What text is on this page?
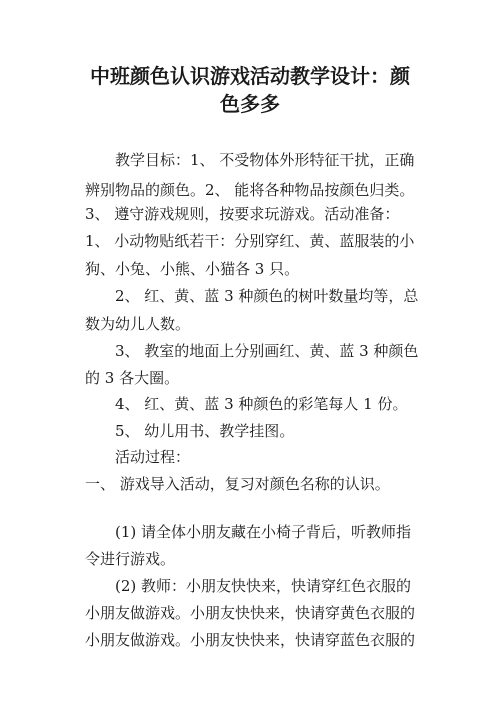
中班颜色认识游戏活动教学设计：颜
色多多

教学目标：1、 不受物体外形特征干扰，正确

辨别物品的颜色。2、 能将各种物品按颜色归类。

3、 遵守游戏规则，按要求玩游戏。活动准备：

1、 小动物贴纸若干：分别穿红、黄、蓝服装的小

狗、小兔、小熊、小猫各 3 只。

2、 红、黄、蓝 3 种颜色的树叶数量均等，总

数为幼儿人数。

3、 教室的地面上分别画红、黄、蓝 3 种颜色

的 3 各大圈。

4、 红、黄、蓝 3 种颜色的彩笔每人 1 份。

5、 幼儿用书、教学挂图。

活动过程：

一、 游戏导入活动，复习对颜色名称的认识。

(1) 请全体小朋友藏在小椅子背后，听教师指

令进行游戏。

(2) 教师：小朋友快快来，快请穿红色衣服的

小朋友做游戏。小朋友快快来，快请穿黄色衣服的

小朋友做游戏。小朋友快快来，快请穿蓝色衣服的
